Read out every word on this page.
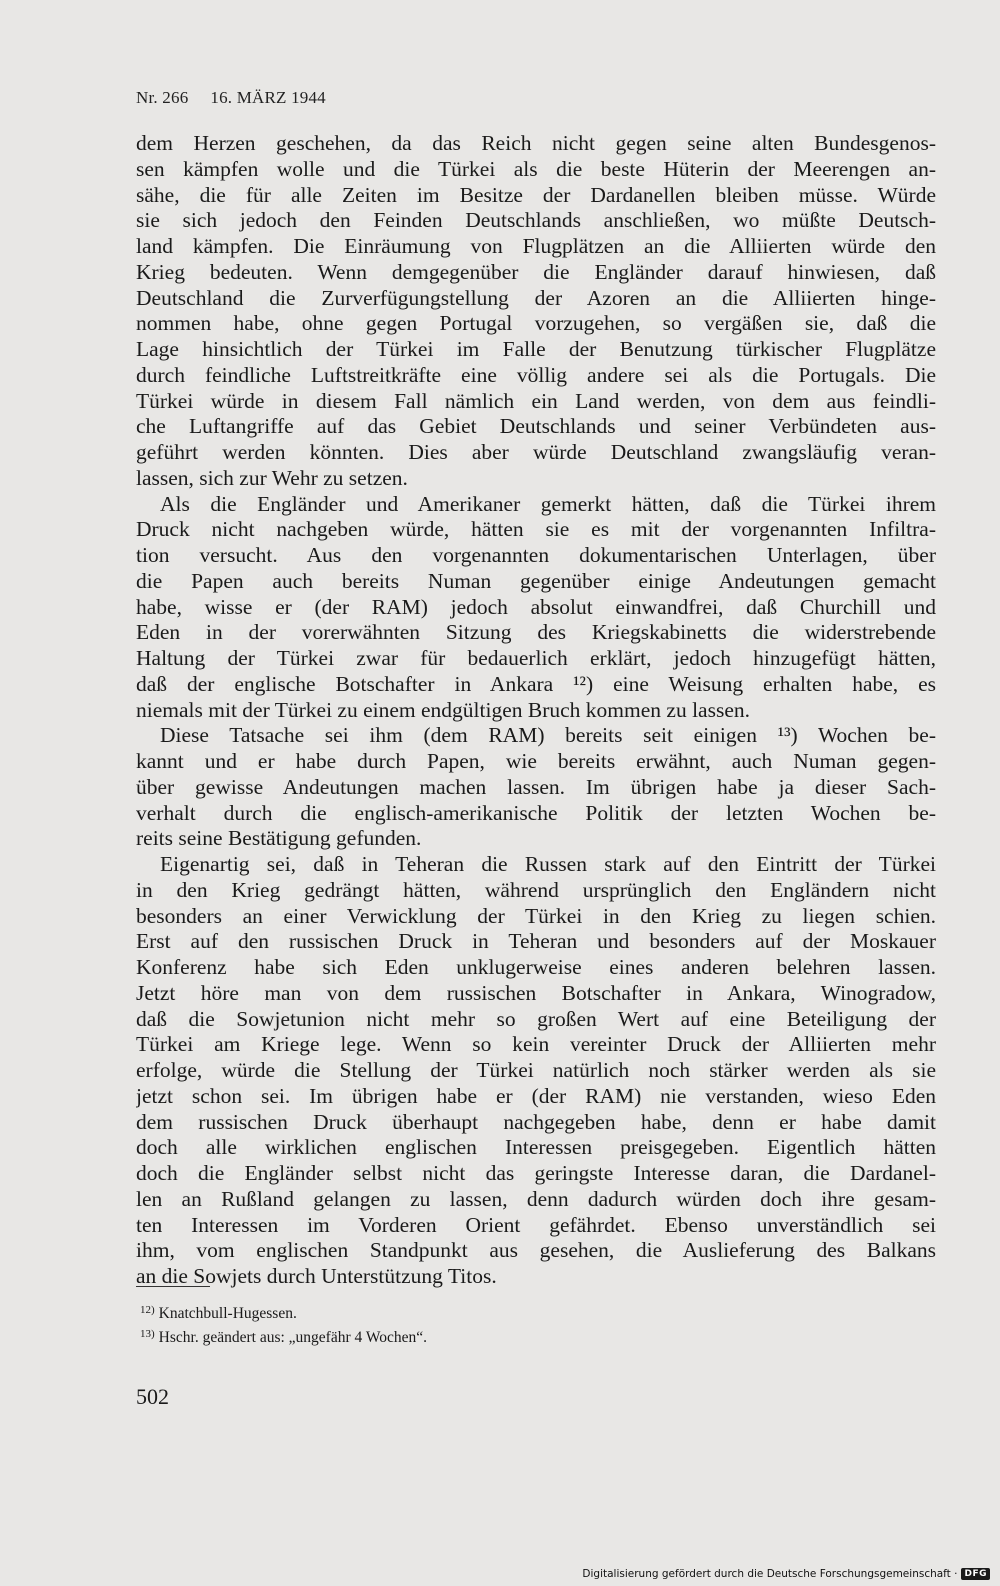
Nr. 266 16. MÄRZ 1944
dem Herzen geschehen, da das Reich nicht gegen seine alten Bundesgenos-
sen kämpfen wolle und die Türkei als die beste Hüterin der Meerengen an-
sähe, die für alle Zeiten im Besitze der Dardanellen bleiben müsse. Würde
sie sich jedoch den Feinden Deutschlands anschließen, wo müßte Deutsch-
land kämpfen. Die Einräumung von Flugplätzen an die Alliierten würde den
Krieg bedeuten. Wenn demgegenüber die Engländer darauf hinwiesen, daß
Deutschland die Zurverfügungstellung der Azoren an die Alliierten hinge-
nommen habe, ohne gegen Portugal vorzugehen, so vergäßen sie, daß die
Lage hinsichtlich der Türkei im Falle der Benutzung türkischer Flugplätze
durch feindliche Luftstreitkräfte eine völlig andere sei als die Portugals. Die
Türkei würde in diesem Fall nämlich ein Land werden, von dem aus feindli-
che Luftangriffe auf das Gebiet Deutschlands und seiner Verbündeten aus-
geführt werden könnten. Dies aber würde Deutschland zwangsläufig veran-
lassen, sich zur Wehr zu setzen.
Als die Engländer und Amerikaner gemerkt hätten, daß die Türkei ihrem
Druck nicht nachgeben würde, hätten sie es mit der vorgenannten Infiltra-
tion versucht. Aus den vorgenannten dokumentarischen Unterlagen, über
die Papen auch bereits Numan gegenüber einige Andeutungen gemacht
habe, wisse er (der RAM) jedoch absolut einwandfrei, daß Churchill und
Eden in der vorerwähnten Sitzung des Kriegskabinetts die widerstrebende
Haltung der Türkei zwar für bedauerlich erklärt, jedoch hinzugefügt hätten,
daß der englische Botschafter in Ankara ¹²) eine Weisung erhalten habe, es
niemals mit der Türkei zu einem endgültigen Bruch kommen zu lassen.
Diese Tatsache sei ihm (dem RAM) bereits seit einigen ¹³) Wochen be-
kannt und er habe durch Papen, wie bereits erwähnt, auch Numan gegen-
über gewisse Andeutungen machen lassen. Im übrigen habe ja dieser Sach-
verhalt durch die englisch-amerikanische Politik der letzten Wochen be-
reits seine Bestätigung gefunden.
Eigenartig sei, daß in Teheran die Russen stark auf den Eintritt der Türkei
in den Krieg gedrängt hätten, während ursprünglich den Engländern nicht
besonders an einer Verwicklung der Türkei in den Krieg zu liegen schien.
Erst auf den russischen Druck in Teheran und besonders auf der Moskauer
Konferenz habe sich Eden unklugerweise eines anderen belehren lassen.
Jetzt höre man von dem russischen Botschafter in Ankara, Winogradow,
daß die Sowjetunion nicht mehr so großen Wert auf eine Beteiligung der
Türkei am Kriege lege. Wenn so kein vereinter Druck der Alliierten mehr
erfolge, würde die Stellung der Türkei natürlich noch stärker werden als sie
jetzt schon sei. Im übrigen habe er (der RAM) nie verstanden, wieso Eden
dem russischen Druck überhaupt nachgegeben habe, denn er habe damit
doch alle wirklichen englischen Interessen preisgegeben. Eigentlich hätten
doch die Engländer selbst nicht das geringste Interesse daran, die Dardanel-
len an Rußland gelangen zu lassen, denn dadurch würden doch ihre gesam-
ten Interessen im Vorderen Orient gefährdet. Ebenso unverständlich sei
ihm, vom englischen Standpunkt aus gesehen, die Auslieferung des Balkans
an die Sowjets durch Unterstützung Titos.
$^{12)}$ Knatchbull-Hugessen.
$^{13)}$ Hschr. geändert aus: „ungefähr 4 Wochen“.
502
Digitalisierung gefördert durch die Deutsche Forschungsgemeinschaft · DFG
